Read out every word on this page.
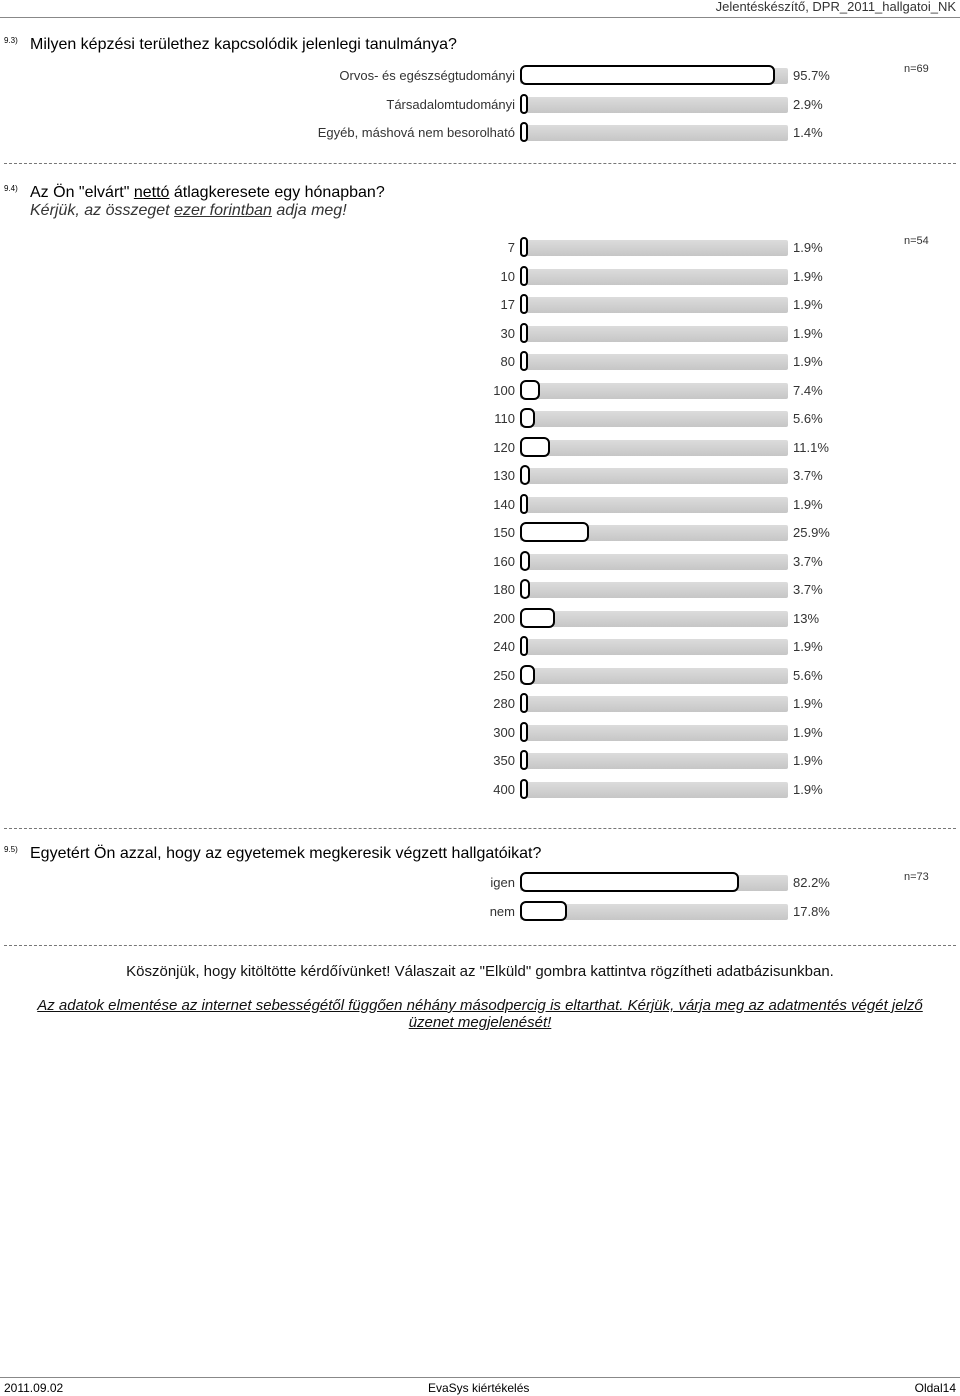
Jelentéskészítő, DPR_2011_hallgatoi_NK
9.3) Milyen képzési területhez kapcsolódik jelenlegi tanulmánya?
n=69
Orvos- és egészségtudományi	95.7%
Társadalomtudományi	2.9%
Egyéb, máshová nem besorolható	1.4%
9.4) Az Ön "elvárt" nettó átlagkeresete egy hónapban?
Kérjük, az összeget ezer forintban adja meg!
n=54
7	1.9%
10	1.9%
17	1.9%
30	1.9%
80	1.9%
100	7.4%
110	5.6%
120	11.1%
130	3.7%
140	1.9%
150	25.9%
160	3.7%
180	3.7%
200	13%
240	1.9%
250	5.6%
280	1.9%
300	1.9%
350	1.9%
400	1.9%
9.5) Egyetért Ön azzal, hogy az egyetemek megkeresik végzett hallgatóikat?
n=73
igen	82.2%
nem	17.8%
Köszönjük, hogy kitöltötte kérdőívünket! Válaszait az "Elküld" gombra kattintva rögzítheti adatbázisunkban.
Az adatok elmentése az internet sebességétől függően néhány másodpercig is eltarthat. Kérjük, várja meg az adatmentés végét jelző
üzenet megjelenését!
2011.09.02	EvaSys kiértékelés	Oldal14
